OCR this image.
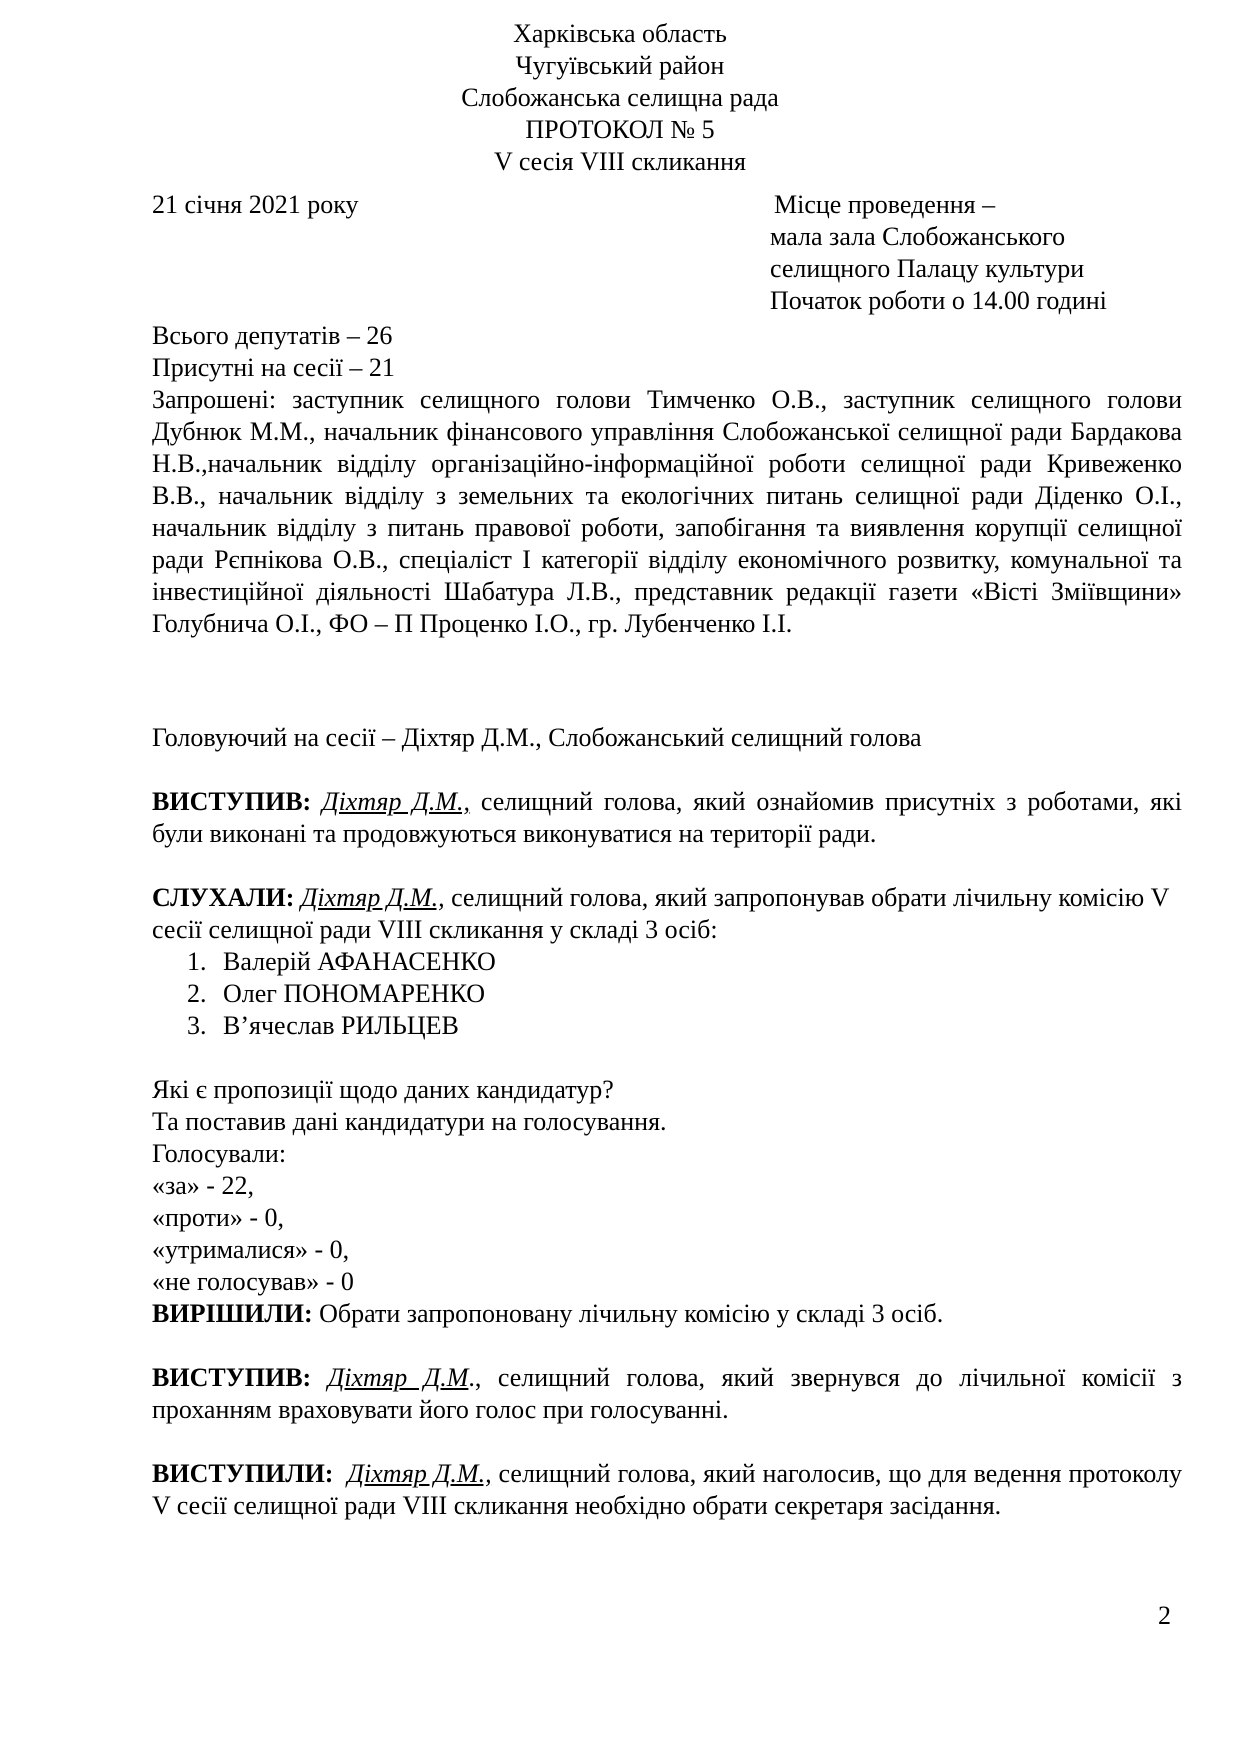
Харківська область
Чугуївський район
Слобожанська селищна рада
ПРОТОКОЛ № 5
V сесія VIII скликання
21 січня 2021 року	Місце проведення –
мала зала Слобожанського
селищного Палацу культури
Початок роботи о 14.00 годині
Всього депутатів – 26
Присутні на сесії – 21
Запрошені: заступник селищного голови Тимченко О.В., заступник селищного голови Дубнюк М.М., начальник фінансового управління Слобожанської селищної ради Бардакова Н.В.,начальник відділу організаційно-інформаційної роботи селищної ради Кривеженко В.В., начальник відділу з земельних та екологічних питань селищної ради Діденко О.І., начальник відділу з питань правової роботи, запобігання та виявлення корупції селищної ради Рєпнікова О.В., спеціаліст І категорії відділу економічного розвитку, комунальної та інвестиційної діяльності Шабатура Л.В., представник редакції газети «Вісті Зміївщини» Голубнича О.І., ФО – П Проценко І.О., гр. Лубенченко І.І.
Головуючий на сесії – Діхтяр Д.М., Слобожанський селищний голова
ВИСТУПИВ: Діхтяр Д.М., селищний голова, який ознайомив присутніх з роботами, які були виконані та продовжуються виконуватися на території ради.
СЛУХАЛИ: Діхтяр Д.М., селищний голова, який запропонував обрати лічильну комісію V сесії селищної ради VIII скликання у складі 3 осіб:
1. Валерій АФАНАСЕНКО
2. Олег ПОНОМАРЕНКО
3. В’ячеслав РИЛЬЦЕВ
Які є пропозиції щодо даних кандидатур?
Та поставив дані кандидатури на голосування.
Голосували:
«за» - 22,
«проти» - 0,
«утрималися» - 0,
«не голосував» - 0
ВИРІШИЛИ: Обрати запропоновану лічильну комісію у складі 3 осіб.
ВИСТУПИВ: Діхтяр Д.М., селищний голова, який звернувся до лічильної комісії з проханням враховувати його голос при голосуванні.
ВИСТУПИЛИ: Діхтяр Д.М., селищний голова, який наголосив, що для ведення протоколу V сесії селищної ради VIII скликання необхідно обрати секретаря засідання.
2
